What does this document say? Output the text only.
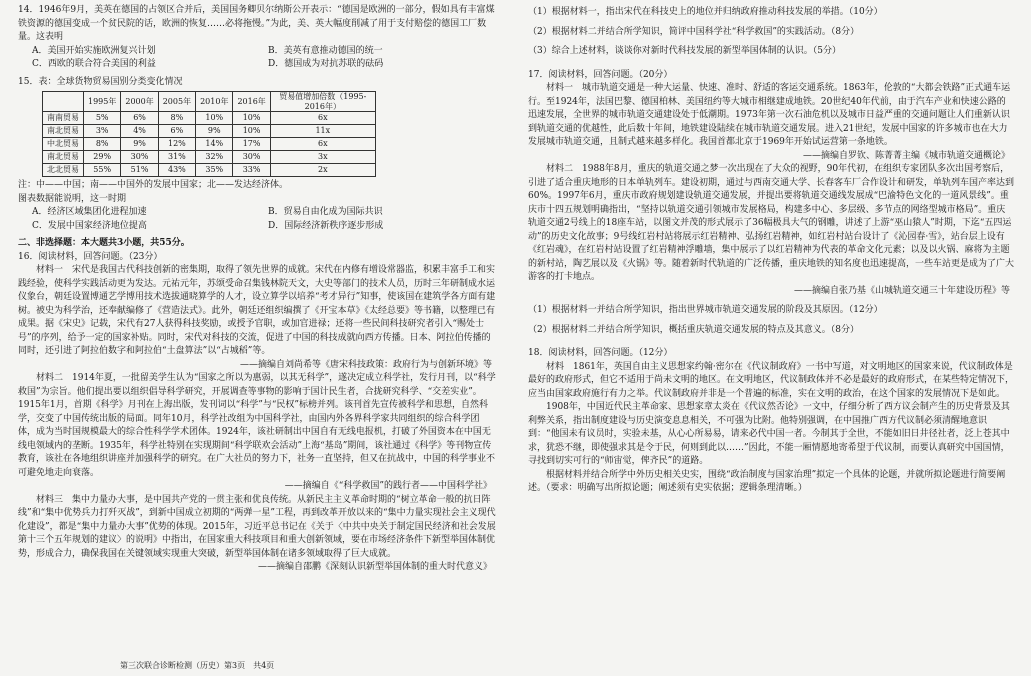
14．1946年9月，美英在德国的占领区合并后，美国国务卿贝尔纳斯公开表示：“德国是欧洲的一部分，假如具有丰富煤铁资源的德国变成一个贫民院的话，欧洲的恢复……必将拖慢。”为此，美、英大幅度削减了用于支付赔偿的德国工厂数量。这表明

A．美国开始实施欧洲复兴计划	B．美英有意推动德国的统一
C．西欧的联合符合美国的利益	D．德国成为对抗苏联的砝码

15．表：全球货物贸易国别分类变化情况

	1995年	2000年	2005年	2010年	2016年	贸易值增加倍数（1995-2016年）
南南贸易	5%	6%	8%	10%	10%	6x
南北贸易	3%	4%	6%	9%	10%	11x
中北贸易	8%	9%	12%	14%	17%	6x
南北贸易	29%	30%	31%	32%	30%	3x
北北贸易	55%	51%	43%	35%	33%	2x

注：中——中国；南——中国外的发展中国家；北——发达经济体。

图表数据能说明，这一时期

A．经济区域集团化进程加速	B．贸易自由化成为国际共识
C．发展中国家经济地位提高	D．国际经济新秩序逐步形成

二、非选择题：本大题共3小题，共55分。

16．阅读材料，回答问题。（23分）

材料一　宋代是我国古代科技创新的密集期，取得了领先世界的成就。宋代在内修有增设常器监，积累丰富手工和实践经验，使科学实践活动更为发达。元祐元年，苏颂受命召集钱林院天文，大史等部门的技术人员，历时三年研制成水运仪象台，朝廷设置博通艺学博用技术选拔通晓算学的人才，设立算学以培养“考才异行”知事，使该国在建筑学各方面有建树。被史为科学治，还奉献编修了《营造法式》。此外，朝廷还组织编撰了《开宝本草》《太经总要》等书籍，以整理已有成果。据《宋史》记载，宋代有27人获得科技奖励，或授予官职，或加官进禄；还将一些民间科技研究者引入“赐处士号”的序列，给予一定的国家补贴。同时，宋代对科技的交流，促进了中国的科技成就向西方传播。日本、阿拉伯传播的同时，还引进了阿拉伯数字和阿拉伯“土盘算法”以“占城稻”等。

——摘编自刘尚希等《唐宋科技政策：政府行为与创新环境》等

材料二　1914年夏，一批留美学生认为“国家之所以为惠弱，以其无科学”，遂决定成立科学社，发行月刊，以“科学救国”为宗旨。他们提出要以组织倡导科学研究，开展调查等事物的影响于国计民生者，合拢研究科学、“交差实业”。1915年1月，首期《科学》月刊在上海出版，发刊词以“科学”与“民权”标榜并列。该刊首先宣传被科学和思想，自然科学，交变了中国传统出版的局面。同年10月，科学社改组为中国科学社，由国内外各界科学家共同组织的综合科学团体，成为当时国规模最大的综合性科学学术团体。1924年，该社研制出中国自有无线电报机，打破了外国资本在中国无线电领域内的垄断。1935年，科学社特别在实现期间“科学联欢会活动”上海“基岛”期间，该社通过《科学》等刊物宣传教育，该社在各地组织讲座并加强科学的研究。在广大社员的努力下，社务一直坚持，但又在抗战中，中国的科学事业不可避免地走向衰落。

——摘编自《“科学救国”的践行者——中国科学社》

材料三　集中力量办大事，是中国共产党的一贯主张和优良传统。从新民主主义革命时期的“树立革命一般的抗日阵线”和“集中优势兵力打歼灭战”，到新中国成立初期的“两弹一星”工程，再到改革开放以来的“集中力量实现社会主义现代化建设”，都是“集中力量办大事”优势的体现。2015年，习近平总书记在《关于〈中共中央关于制定国民经济和社会发展第十三个五年规划的建议〉的说明》中指出，在国家重大科技项目和重大创新领域，要在市场经济条件下新型举国体制优势，形成合力，确保我国在关键领域实现重大突破，新型举国体制在诸多领域取得了巨大成就。

——摘编自邵鹏《深刻认识新型举国体制的重大时代意义》

第三次联合诊断检测（历史）第3页　共4页

（1）根据材料一，指出宋代在科技史上的地位并归纳政府推动科技发展的举措。（10分）

（2）根据材料二并结合所学知识，简评中国科学社“科学救国”的实践活动。（8分）

（3）综合上述材料，谈谈你对新时代科技发展的新型举国体制的认识。（5分）

17．阅读材料，回答问题。（20分）

材料一　城市轨道交通是一种大运量、快速、准时、舒适的客运交通系统。1863年，伦敦的“大都会铁路”正式通车运行。至1924年，法国巴黎、德国柏林、美国纽约等大城市相继建成地铁。20世纪40年代前，由于汽车产业和快速公路的迅速发展，全世界的城市轨道交通建设处于低潮期。1973年第一次石油危机以及城市日益严重的交通问题让人们重新认识到轨道交通的优越性，此后数十年间，地铁建设陆续在城市轨道交通发展。进入21世纪，发展中国家的许多城市也在大力发展城市轨道交通，且制式越来越多样化。我国首都北京于1969年开始试运营第一条地铁。

——摘编自罗钦、陈菁菁主编《城市轨道交通概论》

材料二　1988年8月，重庆的轨道交通之梦一次出现在了大众的视野，90年代初，在组织专家团队多次出国考察后，引进了适合重庆地形的日本单轨列车。建设初期，通过与西南交通大学、长春客车厂合作设计和研发，单轨列车国产率达到60%。1997年6月，重庆市政府规划建设轨道交通发展，并提出要将轨道交通线发展成“巴渝特色文化的一道风景线”。重庆市十四五规划明确指出，“坚持以轨道交通引领城市发展格局，构建多中心、多层级、多节点的网络型城市格局”。重庆轨道交通2号线上的18座车站，以图文并茂的形式展示了36幅极具大气的钢雕，讲述了上游“巫山猿人”时期，下迄“五四运动”的历史文化故事；9号线红岩村站将展示红岩精神、弘扬红岩精神，如红岩村站台设计了《沁园春·雪》，站台层上设有《红岩魂》，在红岩村站设置了红岩精神浮雕墙，集中展示了以红岩精神为代表的革命文化元素；以及以火锅、麻将为主题的新村站，陶艺展以及《火锅》等。随着新时代轨道的广泛传播，重庆地铁的知名度也迅速提高，一些车站更是成为了广大游客的打卡地点。

——摘编自张乃基《山城轨道交通三十年建设历程》等

（1）根据材料一并结合所学知识，指出世界城市轨道交通发展的阶段及其原因。（12分）

（2）根据材料二并结合所学知识，概括重庆轨道交通发展的特点及其意义。（8分）

18．阅读材料，回答问题。（12分）

材料　1861年，英国自由主义思想家约翰·密尔在《代议制政府》一书中写道，对文明地区的国家来说，代议制政体是最好的政府形式，但它不适用于尚未文明的地区。在文明地区，代议制政体并不必是最好的政府形式，在某些特定情况下，应当由国家政府施行有力之举。代议制政府并非是一个普遍的标准，实在文明的政治，在这个国家的发展情况下是如此。

1908年，中国近代民主革命家、思想家章太炎在《代议然否论》一文中，仔细分析了西方议会制产生的历史背景及其利弊关系，指出制度建设与历史演变息息相关，不可强为比附。他特别强调，在中国推广西方代议制必须清醒地意识到：“他国未有议员时，实验未基，从心心所易易，请来必代中国一者。今制其于全世，不能如旧日井径社者，泛上苍其中求，犹恐不继，即使强求其是令于民，何则到此以……”因此，不能一厢情愿地寄希望于代议制，而要认真研究中国国情，寻找到切实可行的“师宙觉，俾齐民”的道路。

根据材料并结合所学中外历史相关史实，围绕“政治制度与国家治理”拟定一个具体的论题，并就所拟论题进行简要阐述。（要求：明确写出所拟论题；阐述须有史实依据；逻辑条理清晰。）
